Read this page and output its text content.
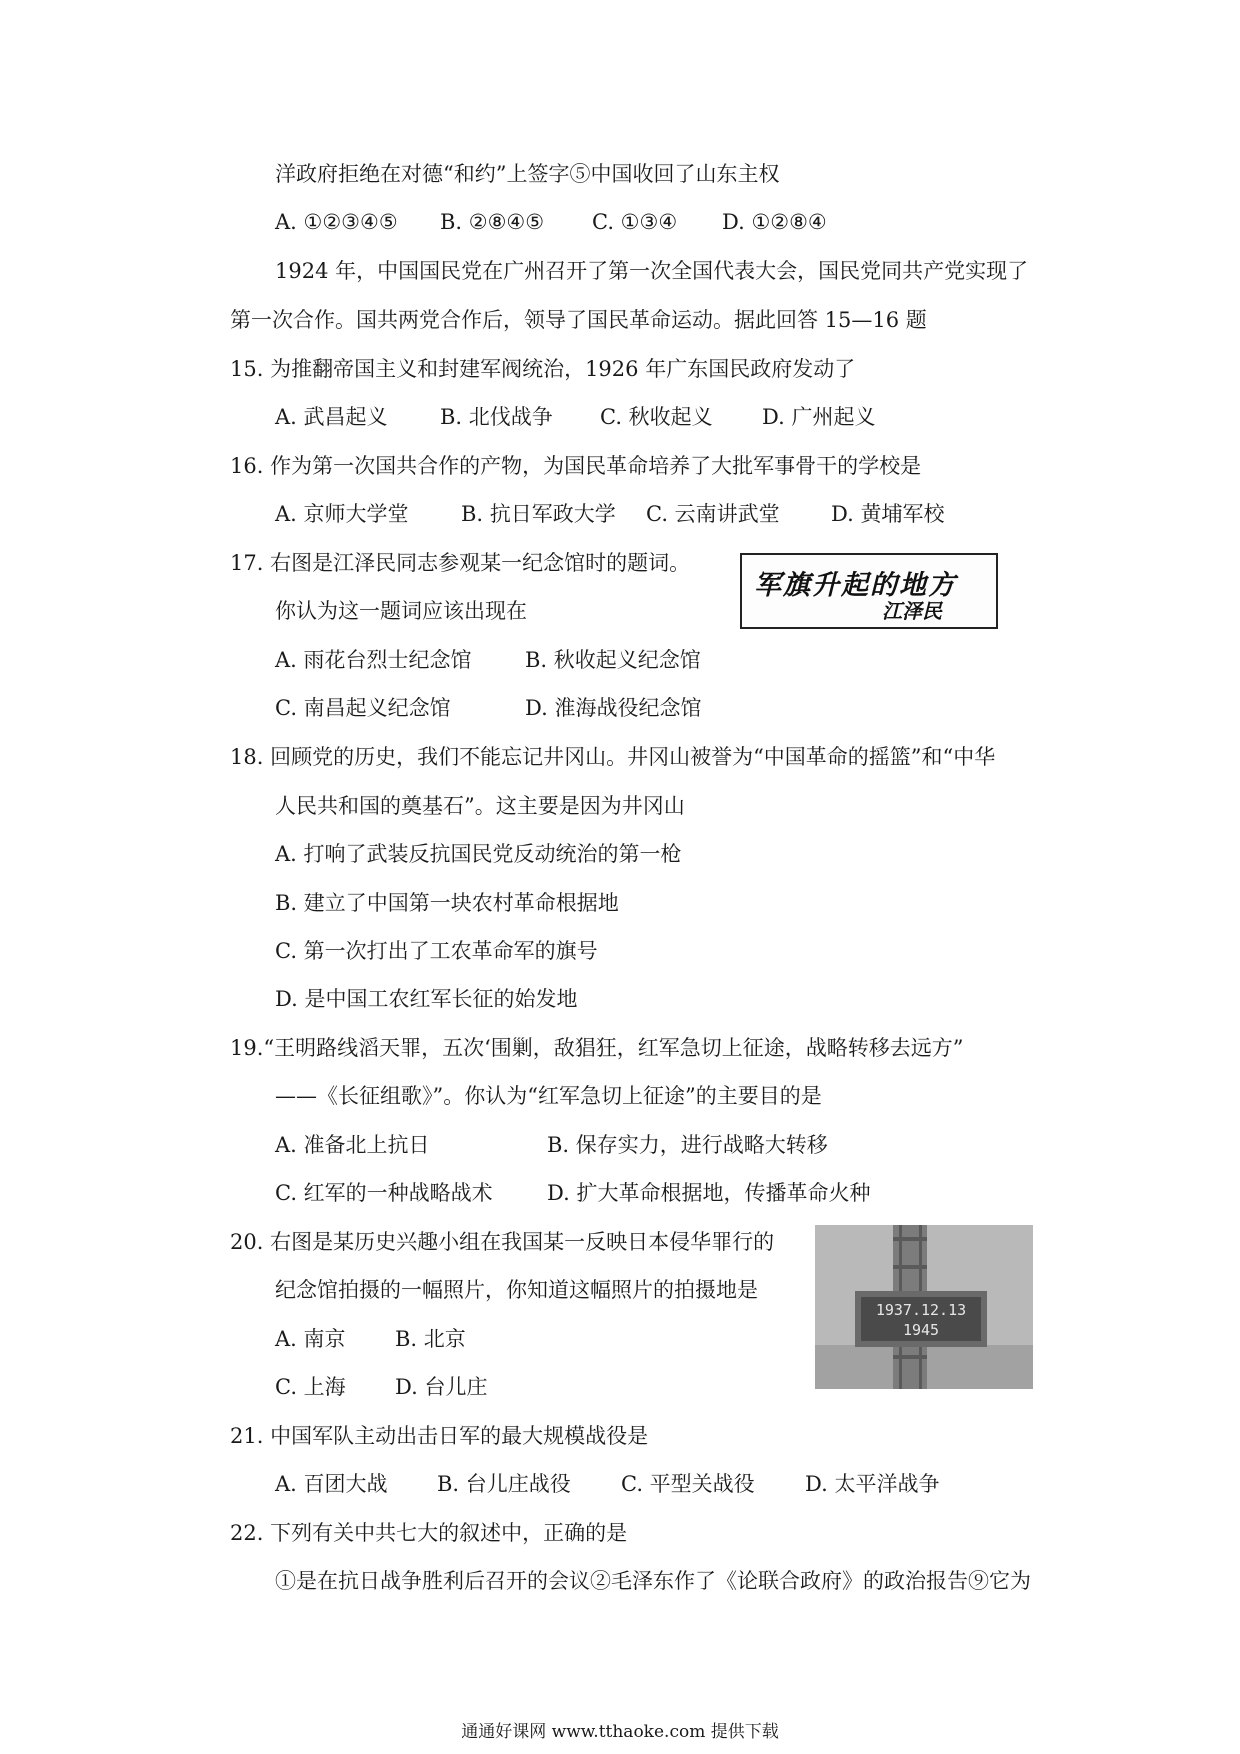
洋政府拒绝在对德“和约”上签字⑤中国收回了山东主权
A. ①②③④⑤ B. ②⑧④⑤ C. ①③④ D. ①②⑧④
1924 年，中国国民党在广州召开了第一次全国代表大会，国民党同共产党实现了
第一次合作。国共两党合作后，领导了国民革命运动。据此回答 15—16 题
15. 为推翻帝国主义和封建军阀统治，1926 年广东国民政府发动了
A. 武昌起义 B. 北伐战争 C. 秋收起义 D. 广州起义
16. 作为第一次国共合作的产物，为国民革命培养了大批军事骨干的学校是
A. 京师大学堂 B. 抗日军政大学 C. 云南讲武堂 D. 黄埔军校
17. 右图是江泽民同志参观某一纪念馆时的题词。
你认为这一题词应该出现在
军旗升起的地方
江泽民
A. 雨花台烈士纪念馆	B. 秋收起义纪念馆
C. 南昌起义纪念馆	D. 淮海战役纪念馆
18. 回顾党的历史，我们不能忘记井冈山。井冈山被誉为“中国革命的摇篮”和“中华
人民共和国的奠基石”。这主要是因为井冈山
A. 打响了武装反抗国民党反动统治的第一枪
B. 建立了中国第一块农村革命根据地
C. 第一次打出了工农革命军的旗号
D. 是中国工农红军长征的始发地
19.“王明路线滔天罪，五次‘围剿，敌猖狂，红军急切上征途，战略转移去远方”
——《长征组歌》”。你认为“红军急切上征途”的主要目的是
A. 准备北上抗日	B. 保存实力，进行战略大转移
C. 红军的一种战略战术	D. 扩大革命根据地，传播革命火种
20. 右图是某历史兴趣小组在我国某一反映日本侵华罪行的
纪念馆拍摄的一幅照片，你知道这幅照片的拍摄地是
1937.12.13
1945
A. 南京 B. 北京
C. 上海 D. 台儿庄
21. 中国军队主动出击日军的最大规模战役是
A. 百团大战 B. 台儿庄战役 C. 平型关战役 D. 太平洋战争
22. 下列有关中共七大的叙述中，正确的是
①是在抗日战争胜利后召开的会议②毛泽东作了《论联合政府》的政治报告⑨它为
通通好课网 www.tthaoke.com 提供下载
